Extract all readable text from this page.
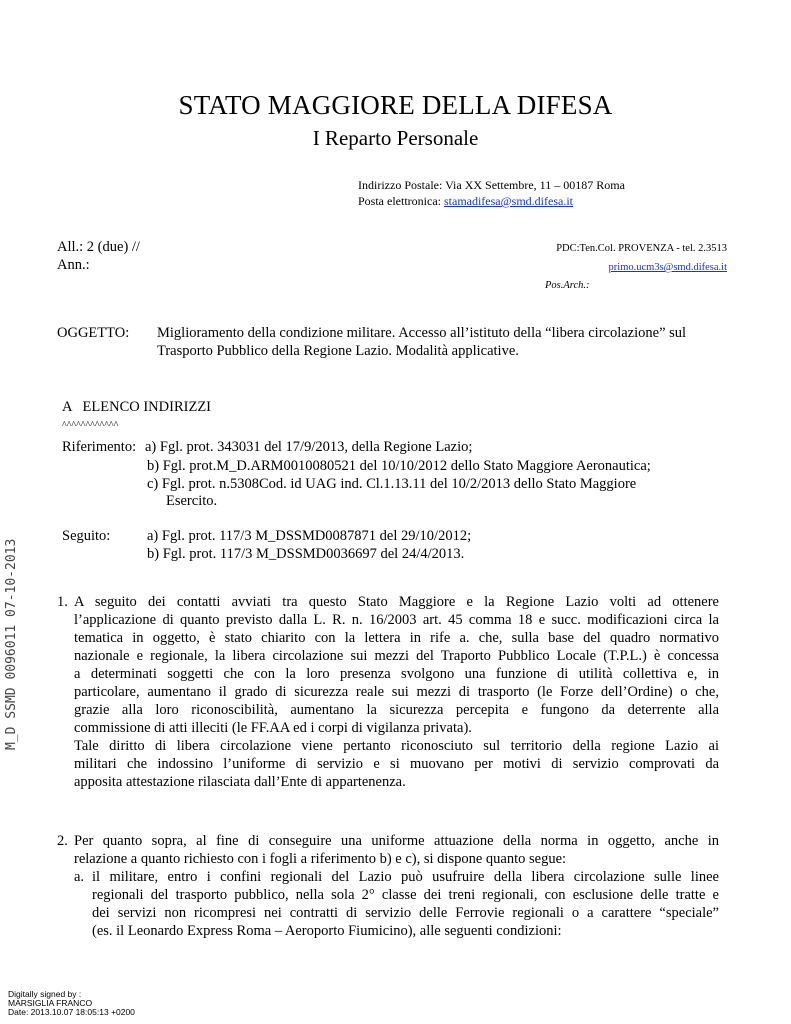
STATO MAGGIORE DELLA DIFESA
I Reparto Personale
Indirizzo Postale: Via XX Settembre, 11 – 00187 Roma
Posta elettronica: stamadifesa@smd.difesa.it
All.: 2 (due) //
Ann.:
PDC:Ten.Col. PROVENZA - tel. 2.3513
primo.ucm3s@smd.difesa.it
Pos.Arch.:
OGGETTO: Miglioramento della condizione militare. Accesso all’istituto della “libera circolazione” sul
Trasporto Pubblico della Regione Lazio. Modalità applicative.
A   ELENCO INDIRIZZI
^^^^^^^^^^^^
Riferimento: a) Fgl. prot. 343031 del 17/9/2013, della Regione Lazio;
b) Fgl. prot.M_D.ARM0010080521 del 10/10/2012 dello Stato Maggiore Aeronautica;
c) Fgl. prot. n.5308Cod. id UAG ind. Cl.1.13.11 del 10/2/2013 dello Stato Maggiore
Esercito.
Seguito:	a) Fgl. prot. 117/3 M_DSSMD0087871 del 29/10/2012;
b) Fgl. prot. 117/3 M_DSSMD0036697 del 24/4/2013.
1. A seguito dei contatti avviati tra questo Stato Maggiore e la Regione Lazio volti ad ottenere
l’applicazione di quanto previsto dalla L. R. n. 16/2003 art. 45 comma 18 e succ. modificazioni circa la
tematica in oggetto, è stato chiarito con la lettera in rife a. che, sulla base del quadro normativo
nazionale e regionale, la libera circolazione sui mezzi del Traporto Pubblico Locale (T.P.L.) è concessa
a determinati soggetti che con la loro presenza svolgono una funzione di utilità collettiva e, in
particolare, aumentano il grado di sicurezza reale sui mezzi di trasporto (le Forze dell’Ordine) o che,
grazie alla loro riconoscibilità, aumentano la sicurezza percepita e fungono da deterrente alla
commissione di atti illeciti (le FF.AA ed i corpi di vigilanza privata).
Tale diritto di libera circolazione viene pertanto riconosciuto sul territorio della regione Lazio ai
militari che indossino l’uniforme di servizio e si muovano per motivi di servizio comprovati da
apposita attestazione rilasciata dall’Ente di appartenenza.
2. Per quanto sopra, al fine di conseguire una uniforme attuazione della norma in oggetto, anche in
relazione a quanto richiesto con i fogli a riferimento b) e c), si dispone quanto segue:
a. il militare, entro i confini regionali del Lazio può usufruire della libera circolazione sulle linee
regionali del trasporto pubblico, nella sola 2° classe dei treni regionali, con esclusione delle tratte e
dei servizi non ricompresi nei contratti di servizio delle Ferrovie regionali o a carattere “speciale”
(es. il Leonardo Express Roma – Aeroporto Fiumicino), alle seguenti condizioni:
M_D SSMD 0096011 07-10-2013
Digitally signed by :
MARSIGLIA FRANCO
Date: 2013.10.07 18:05:13 +0200
